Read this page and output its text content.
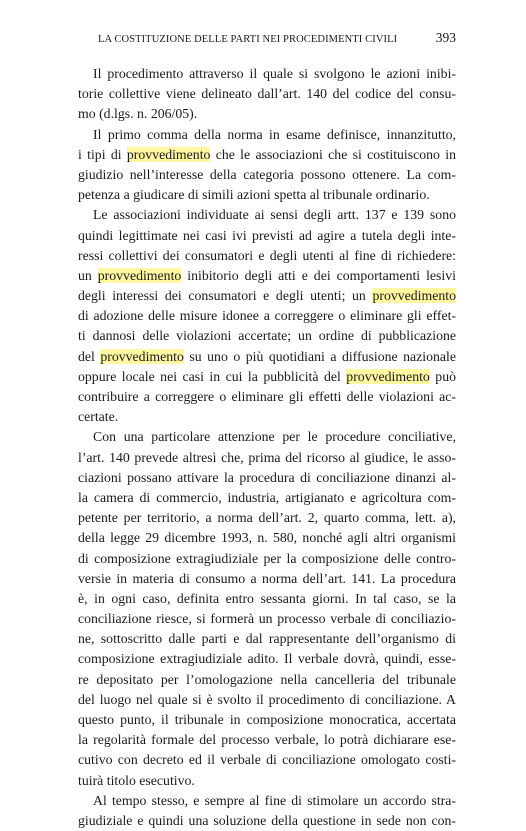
LA COSTITUZIONE DELLE PARTI NEI PROCEDIMENTI CIVILI	393
Il procedimento attraverso il quale si svolgono le azioni inibi-
torie collettive viene delineato dall’art. 140 del codice del consu-
mo (d.lgs. n. 206/05).
Il primo comma della norma in esame definisce, innanzitutto,
i tipi di provvedimento che le associazioni che si costituiscono in
giudizio nell’interesse della categoria possono ottenere. La com-
petenza a giudicare di simili azioni spetta al tribunale ordinario.
Le associazioni individuate ai sensi degli artt. 137 e 139 sono
quindi legittimate nei casi ivi previsti ad agire a tutela degli inte-
ressi collettivi dei consumatori e degli utenti al fine di richiedere:
un provvedimento inibitorio degli atti e dei comportamenti lesivi
degli interessi dei consumatori e degli utenti; un provvedimento
di adozione delle misure idonee a correggere o eliminare gli effet-
ti dannosi delle violazioni accertate; un ordine di pubblicazione
del provvedimento su uno o più quotidiani a diffusione nazionale
oppure locale nei casi in cui la pubblicità del provvedimento può
contribuire a correggere o eliminare gli effetti delle violazioni ac-
certate.
Con una particolare attenzione per le procedure conciliative,
l’art. 140 prevede altresì che, prima del ricorso al giudice, le asso-
ciazioni possano attivare la procedura di conciliazione dinanzi al-
la camera di commercio, industria, artigianato e agricoltura com-
petente per territorio, a norma dell’art. 2, quarto comma, lett. a),
della legge 29 dicembre 1993, n. 580, nonché agli altri organismi
di composizione extragiudiziale per la composizione delle contro-
versie in materia di consumo a norma dell’art. 141. La procedura
è, in ogni caso, definita entro sessanta giorni. In tal caso, se la
conciliazione riesce, si formerà un processo verbale di conciliazio-
ne, sottoscritto dalle parti e dal rappresentante dell’organismo di
composizione extragiudiziale adito. Il verbale dovrà, quindi, esse-
re depositato per l’omologazione nella cancelleria del tribunale
del luogo nel quale si è svolto il procedimento di conciliazione. A
questo punto, il tribunale in composizione monocratica, accertata
la regolarità formale del processo verbale, lo potrà dichiarare ese-
cutivo con decreto ed il verbale di conciliazione omologato costi-
tuirà titolo esecutivo.
Al tempo stesso, e sempre al fine di stimolare un accordo stra-
giudiziale e quindi una soluzione della questione in sede non con-
